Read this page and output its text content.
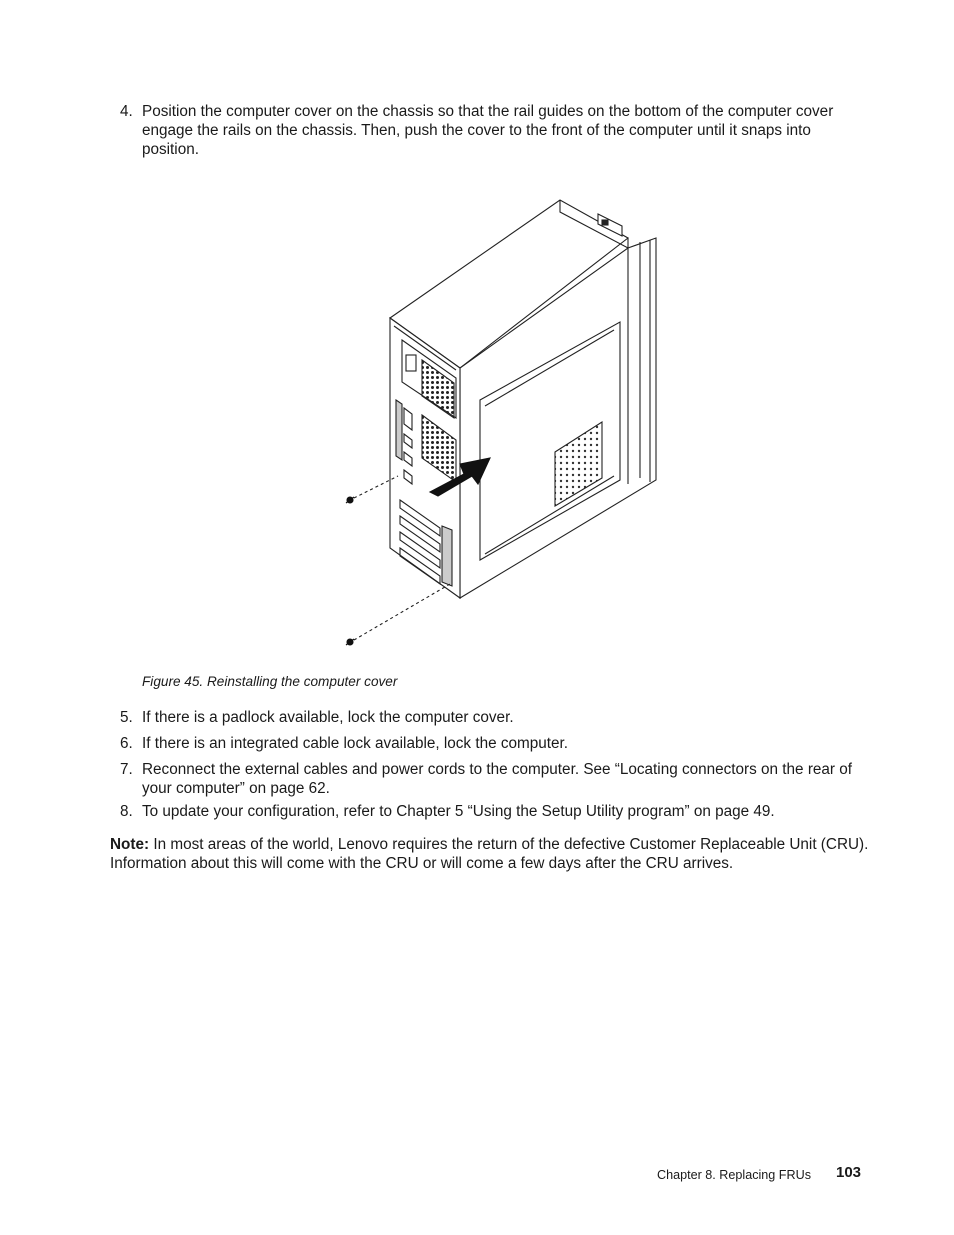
4. Position the computer cover on the chassis so that the rail guides on the bottom of the computer cover engage the rails on the chassis. Then, push the cover to the front of the computer until it snaps into position.
Figure 45. Reinstalling the computer cover
5. If there is a padlock available, lock the computer cover.
6. If there is an integrated cable lock available, lock the computer.
7. Reconnect the external cables and power cords to the computer. See “Locating connectors on the rear of your computer” on page 62.
8. To update your configuration, refer to Chapter 5 “Using the Setup Utility program” on page 49.
Note: In most areas of the world, Lenovo requires the return of the defective Customer Replaceable Unit (CRU). Information about this will come with the CRU or will come a few days after the CRU arrives.
Chapter 8. Replacing FRUs 103
